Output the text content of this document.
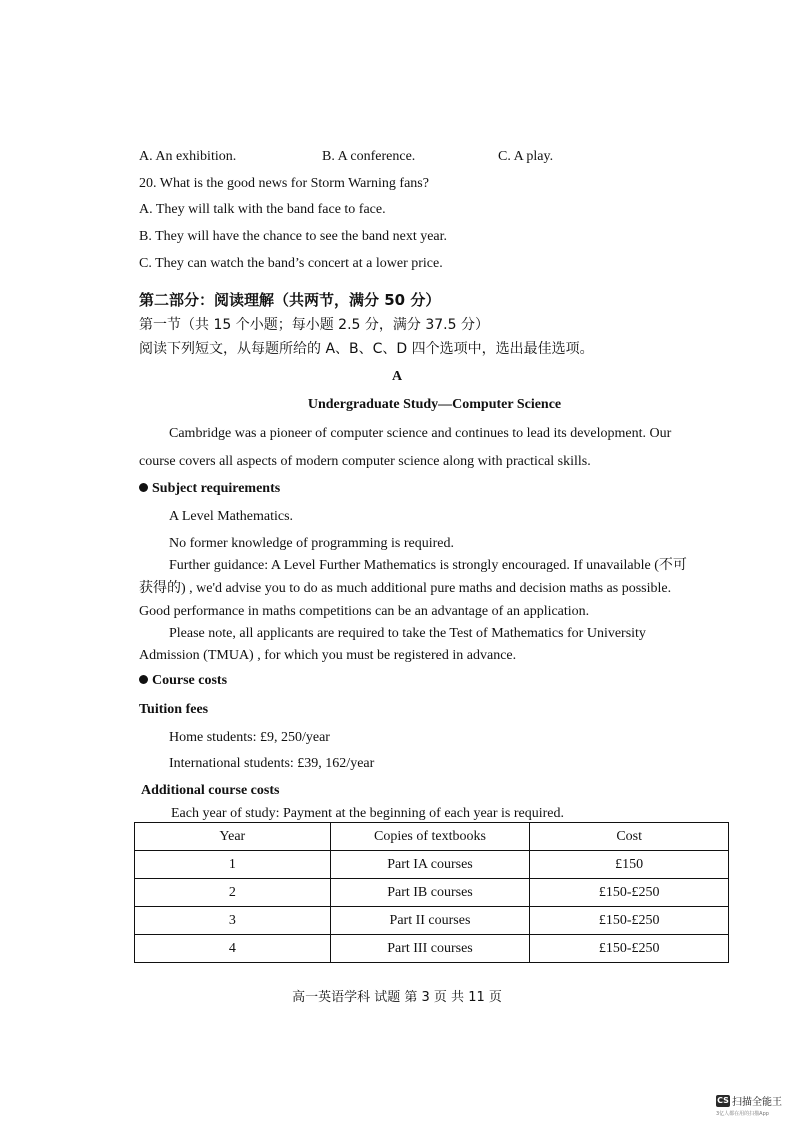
A. An exhibition.	B. A conference.	C. A play.
20. What is the good news for Storm Warning fans?
A. They will talk with the band face to face.
B. They will have the chance to see the band next year.
C. They can watch the band’s concert at a lower price.
第二部分：阅读理解（共两节，满分 50 分）
第一节（共 15 个小题；每小题 2.5 分，满分 37.5 分）
阅读下列短文，从每题所给的 A、B、C、D 四个选项中，选出最佳选项。
A
Undergraduate Study—Computer Science
Cambridge was a pioneer of computer science and continues to lead its development. Our
course covers all aspects of modern computer science along with practical skills.
Subject requirements
A Level Mathematics.
No former knowledge of programming is required.
Further guidance: A Level Further Mathematics is strongly encouraged. If unavailable (不可
获得的) , we'd advise you to do as much additional pure maths and decision maths as possible.
Good performance in maths competitions can be an advantage of an application.
Please note, all applicants are required to take the Test of Mathematics for University
Admission (TMUA) , for which you must be registered in advance.
Course costs
Tuition fees
Home students: £9, 250/year
International students: £39, 162/year
Additional course costs
Each year of study: Payment at the beginning of each year is required.
Year	Copies of textbooks	Cost
1	Part IA courses	£150
2	Part IB courses	£150-£250
3	Part II courses	£150-£250
4	Part III courses	£150-£250
高一英语学科 试题 第 3 页 共 11 页
CS 扫描全能王
3亿人都在用的扫描App
